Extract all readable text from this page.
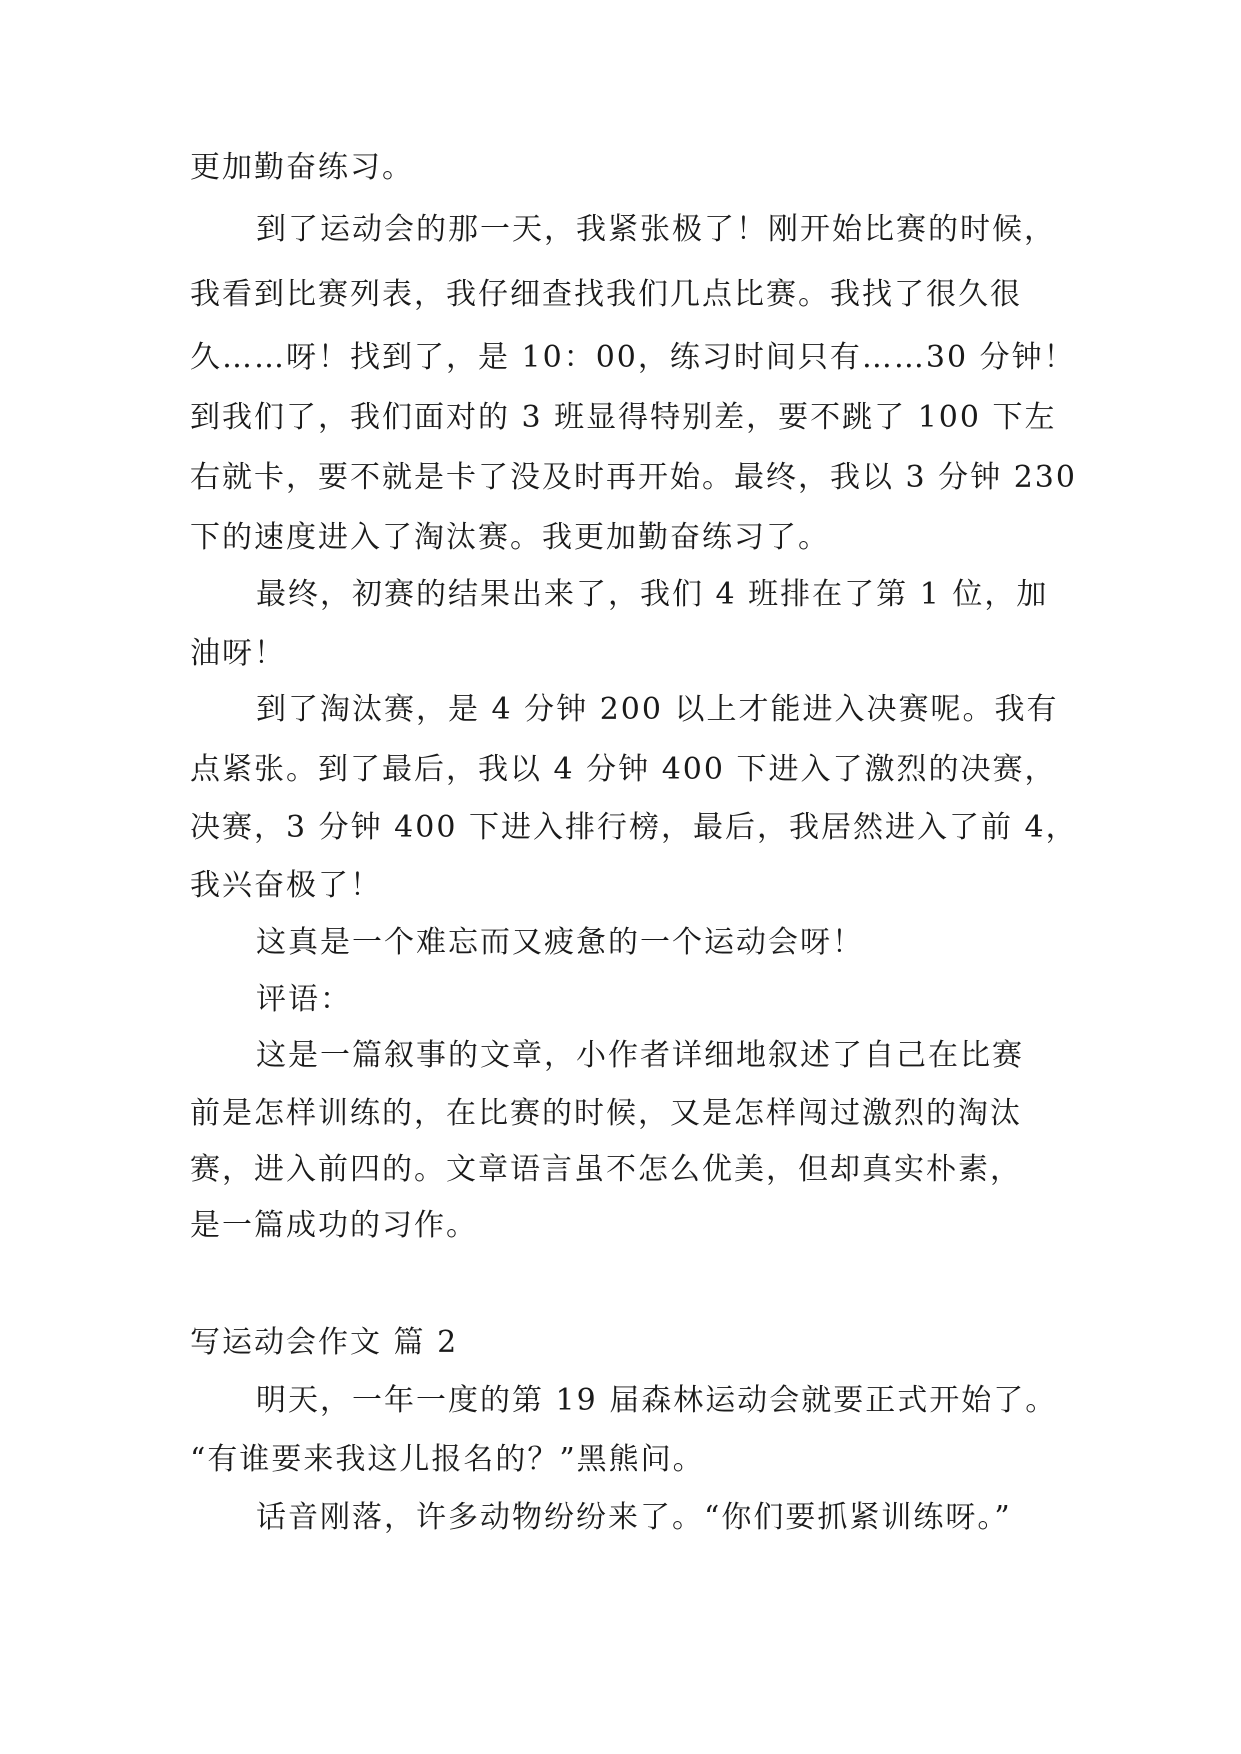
更加勤奋练习。
到了运动会的那一天，我紧张极了！刚开始比赛的时候，
我看到比赛列表，我仔细查找我们几点比赛。我找了很久很
久……呀！找到了，是 10：00，练习时间只有……30 分钟！
到我们了，我们面对的 3 班显得特别差，要不跳了 100 下左
右就卡，要不就是卡了没及时再开始。最终，我以 3 分钟 230
下的速度进入了淘汰赛。我更加勤奋练习了。
最终，初赛的结果出来了，我们 4 班排在了第 1 位，加
油呀！
到了淘汰赛，是 4 分钟 200 以上才能进入决赛呢。我有
点紧张。到了最后，我以 4 分钟 400 下进入了激烈的决赛，
决赛，3 分钟 400 下进入排行榜，最后，我居然进入了前 4，
我兴奋极了！
这真是一个难忘而又疲惫的一个运动会呀！
评语：
这是一篇叙事的文章，小作者详细地叙述了自己在比赛
前是怎样训练的，在比赛的时候，又是怎样闯过激烈的淘汰
赛，进入前四的。文章语言虽不怎么优美，但却真实朴素，
是一篇成功的习作。
写运动会作文 篇 2
明天，一年一度的第 19 届森林运动会就要正式开始了。
“有谁要来我这儿报名的？”黑熊问。
话音刚落，许多动物纷纷来了。“你们要抓紧训练呀。”
